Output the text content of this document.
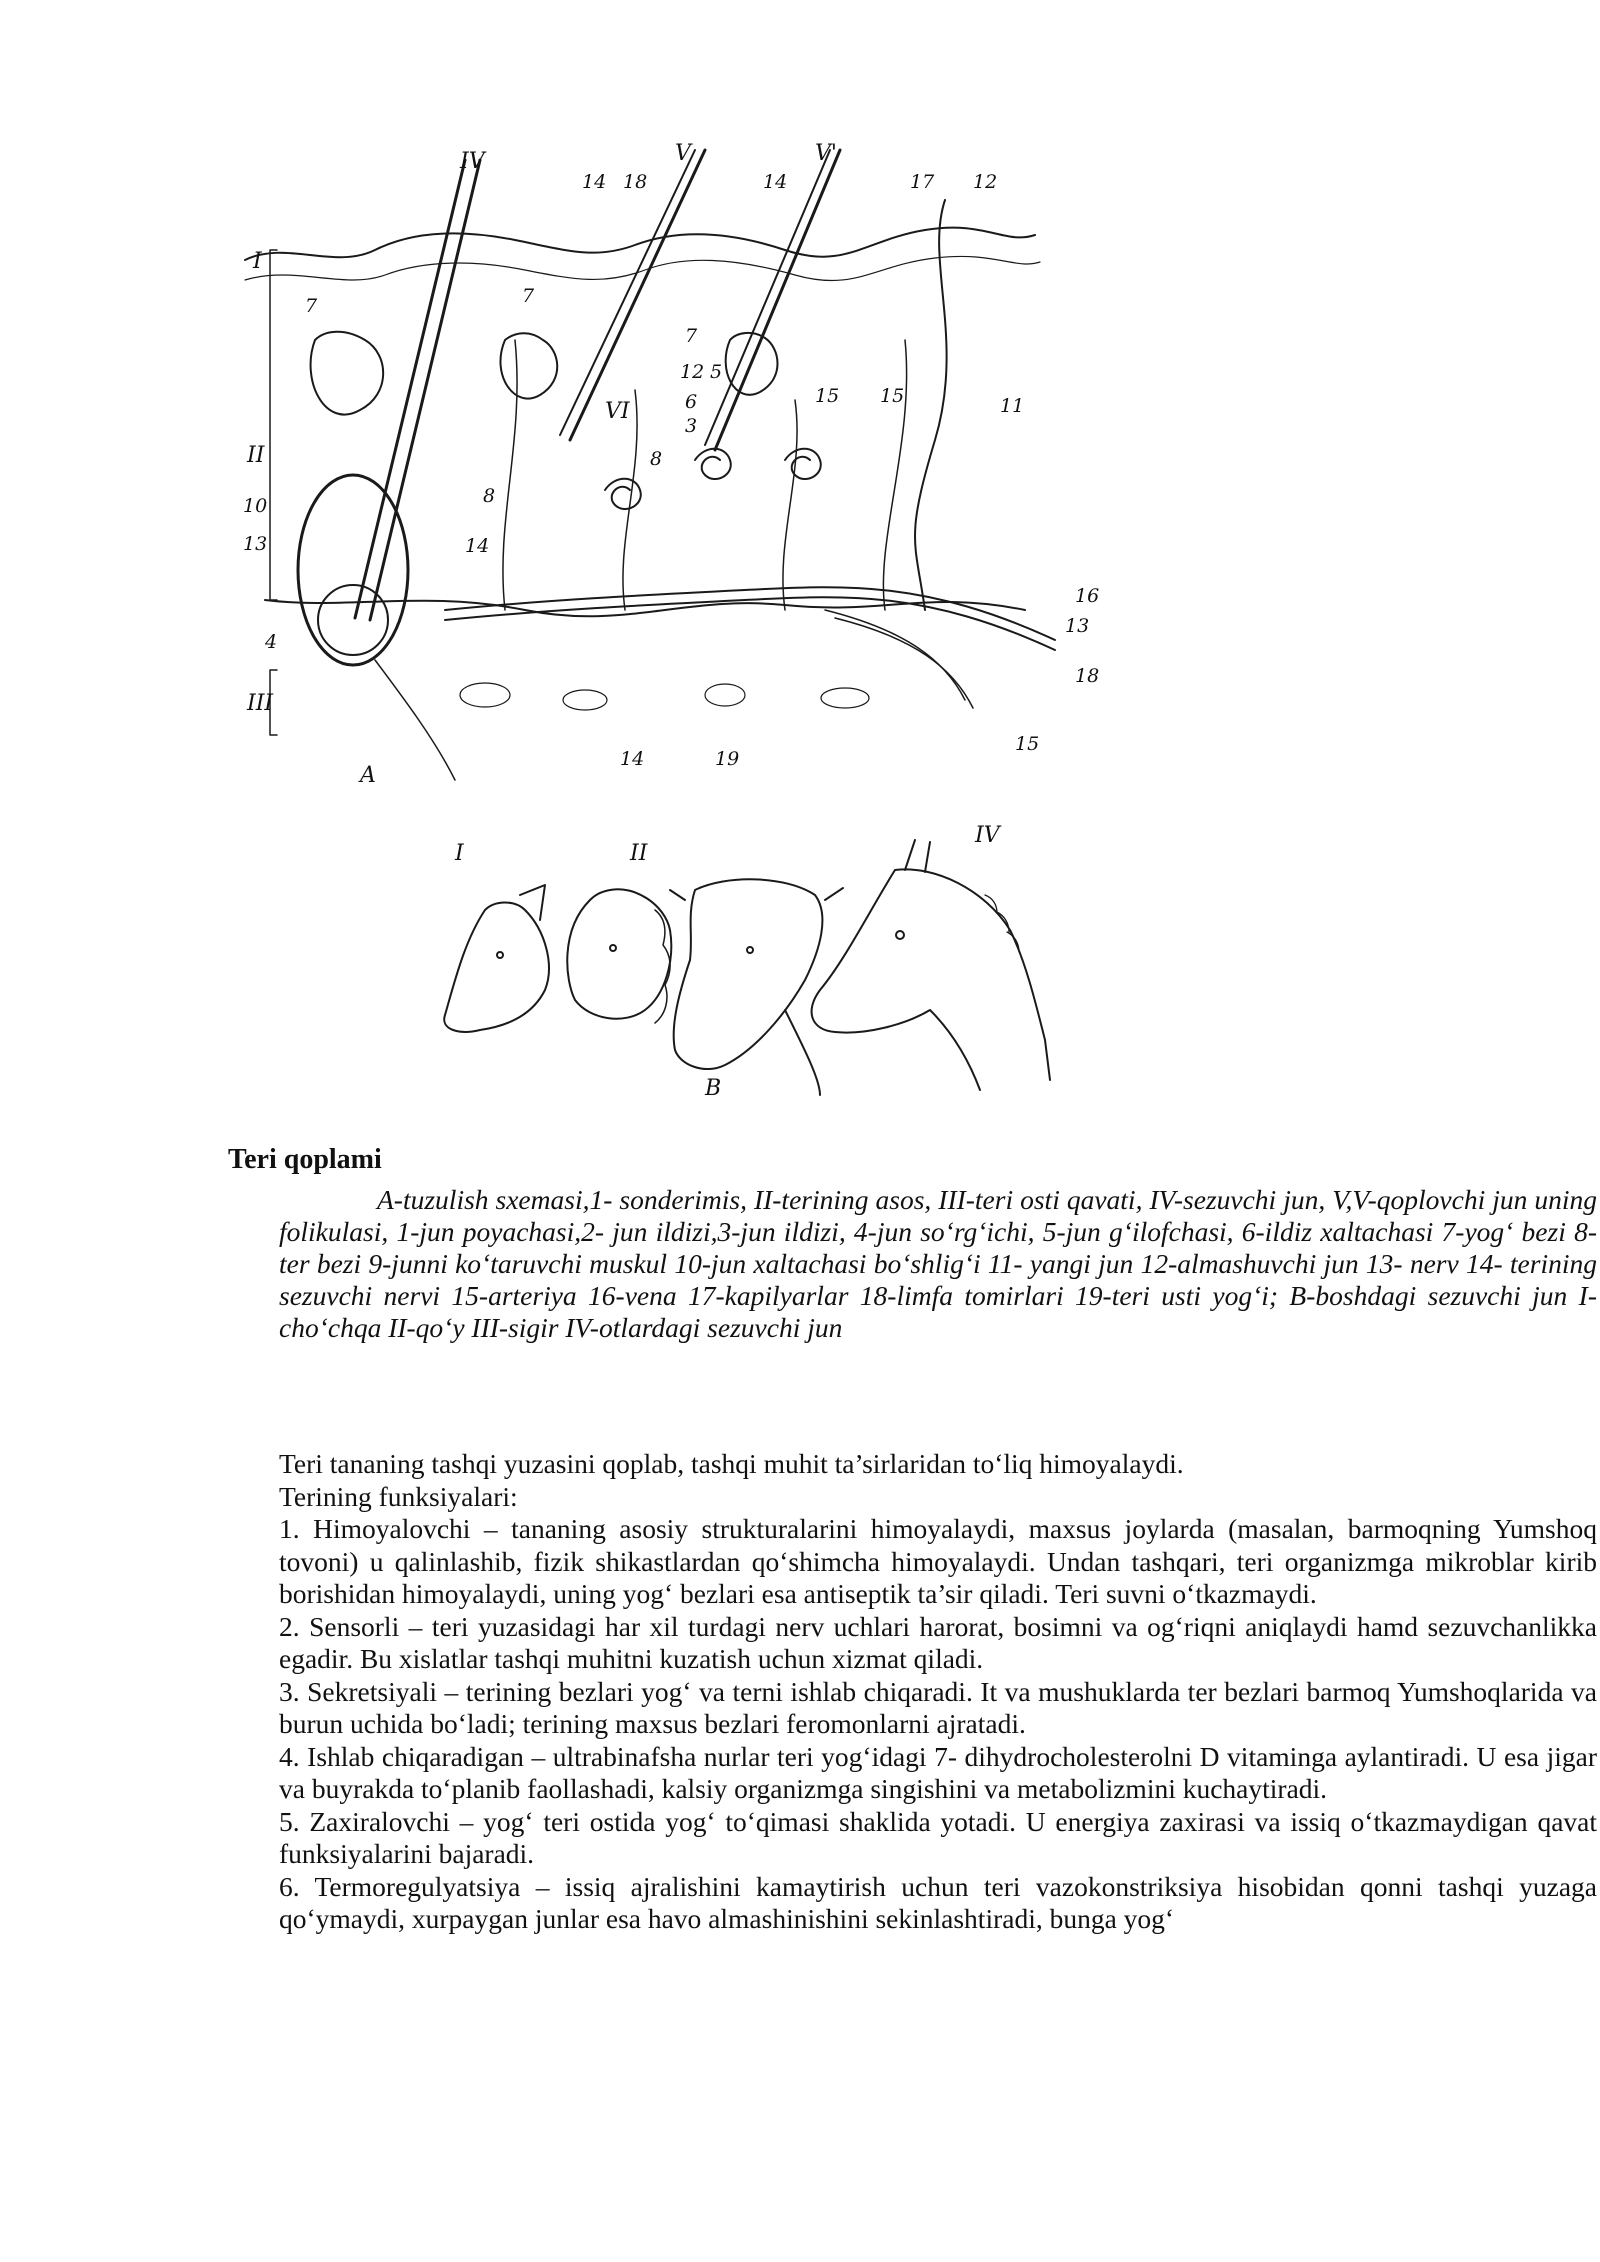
I
II
III
IV	V	V'
VI
14 18	14	17 12
7	7
7
12 5
6
3
15 15	11
10
13
8
8
14
4
16
13
18
14	19
15
A
I	II
IV
B
Teri qoplami

A-tuzulish sxemasi,1- sonderimis, II-terining asos, III-teri osti qavati, IV-sezuvchi jun, V,V-qoplovchi jun uning folikulasi, 1-jun poyachasi,2- jun ildizi,3-jun ildizi, 4-jun so‘rg‘ichi, 5-jun g‘ilofchasi, 6-ildiz xaltachasi 7-yog‘ bezi 8-ter bezi 9-junni ko‘taruvchi muskul 10-jun xaltachasi bo‘shlig‘i 11- yangi jun 12-almashuvchi jun 13- nerv 14- terining sezuvchi nervi 15-arteriya 16-vena 17-kapilyarlar 18-limfa tomirlari 19-teri usti yog‘i; B-boshdagi sezuvchi jun I-cho‘chqa II-qo‘y III-sigir IV-otlardagi sezuvchi jun

Teri tananing tashqi yuzasini qoplab, tashqi muhit ta’sirlaridan to‘liq himoyalaydi.

Terining funksiyalari:

1. Himoyalovchi – tananing asosiy strukturalarini himoyalaydi, maxsus joylarda (masalan, barmoqning Yumshoq tovoni) u qalinlashib, fizik shikastlardan qo‘shimcha himoyalaydi. Undan tashqari, teri organizmga mikroblar kirib borishidan himoyalaydi, uning yog‘ bezlari esa antiseptik ta’sir qiladi. Teri suvni o‘tkazmaydi.

2. Sensorli – teri yuzasidagi har xil turdagi nerv uchlari harorat, bosimni va og‘riqni aniqlaydi hamd sezuvchanlikka egadir. Bu xislatlar tashqi muhitni kuzatish uchun xizmat qiladi.

3. Sekretsiyali – terining bezlari yog‘ va terni ishlab chiqaradi. It va mushuklarda ter bezlari barmoq Yumshoqlarida va burun uchida bo‘ladi; terining maxsus bezlari feromonlarni ajratadi.

4. Ishlab chiqaradigan – ultrabinafsha nurlar teri yog‘idagi 7- dihydrocholesterolni D vitaminga aylantiradi. U esa jigar va buyrakda to‘planib faollashadi, kalsiy organizmga singishini va metabolizmini kuchaytiradi.

5. Zaxiralovchi – yog‘ teri ostida yog‘ to‘qimasi shaklida yotadi. U energiya zaxirasi va issiq o‘tkazmaydigan qavat funksiyalarini bajaradi.

6. Termoregulyatsiya – issiq ajralishini kamaytirish uchun teri vazokonstriksiya hisobidan qonni tashqi yuzaga qo‘ymaydi, xurpaygan junlar esa havo almashinishini sekinlashtiradi, bunga yog‘
